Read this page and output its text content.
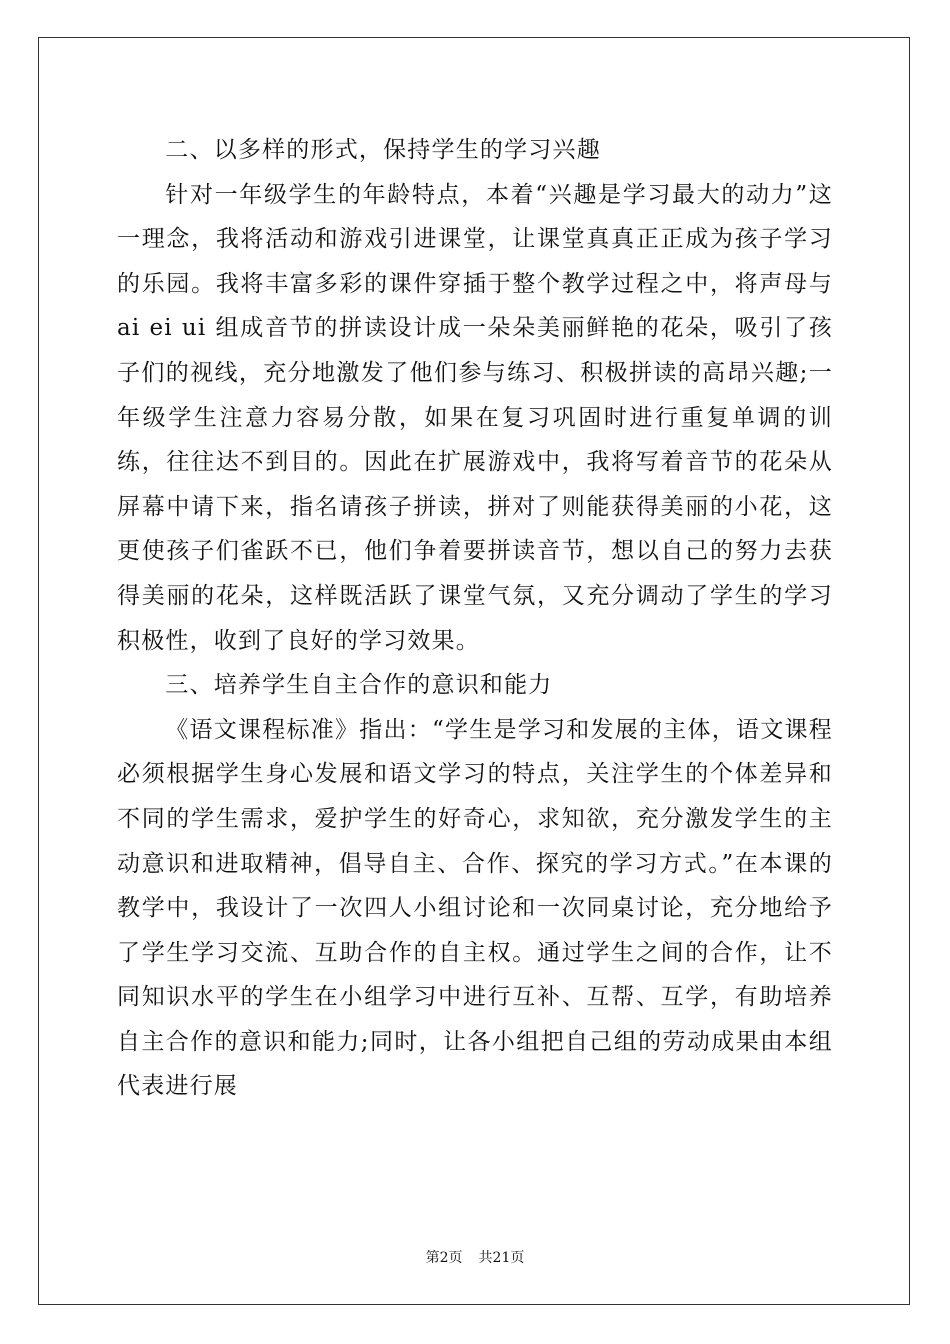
二、以多样的形式，保持学生的学习兴趣

针对一年级学生的年龄特点，本着“兴趣是学习最大的动力”这一理念，我将活动和游戏引进课堂，让课堂真真正正成为孩子学习的乐园。我将丰富多彩的课件穿插于整个教学过程之中，将声母与 ai ei ui 组成音节的拼读设计成一朵朵美丽鲜艳的花朵，吸引了孩子们的视线，充分地激发了他们参与练习、积极拼读的高昂兴趣;一年级学生注意力容易分散，如果在复习巩固时进行重复单调的训练，往往达不到目的。因此在扩展游戏中，我将写着音节的花朵从屏幕中请下来，指名请孩子拼读，拼对了则能获得美丽的小花，这更使孩子们雀跃不已，他们争着要拼读音节，想以自己的努力去获得美丽的花朵，这样既活跃了课堂气氛，又充分调动了学生的学习积极性，收到了良好的学习效果。

三、培养学生自主合作的意识和能力

《语文课程标准》指出：“学生是学习和发展的主体，语文课程必须根据学生身心发展和语文学习的特点，关注学生的个体差异和不同的学生需求，爱护学生的好奇心，求知欲，充分激发学生的主动意识和进取精神，倡导自主、合作、探究的学习方式。”在本课的教学中，我设计了一次四人小组讨论和一次同桌讨论，充分地给予了学生学习交流、互助合作的自主权。通过学生之间的合作，让不同知识水平的学生在小组学习中进行互补、互帮、互学，有助培养自主合作的意识和能力;同时，让各小组把自己组的劳动成果由本组代表进行展

第2页 共21页
